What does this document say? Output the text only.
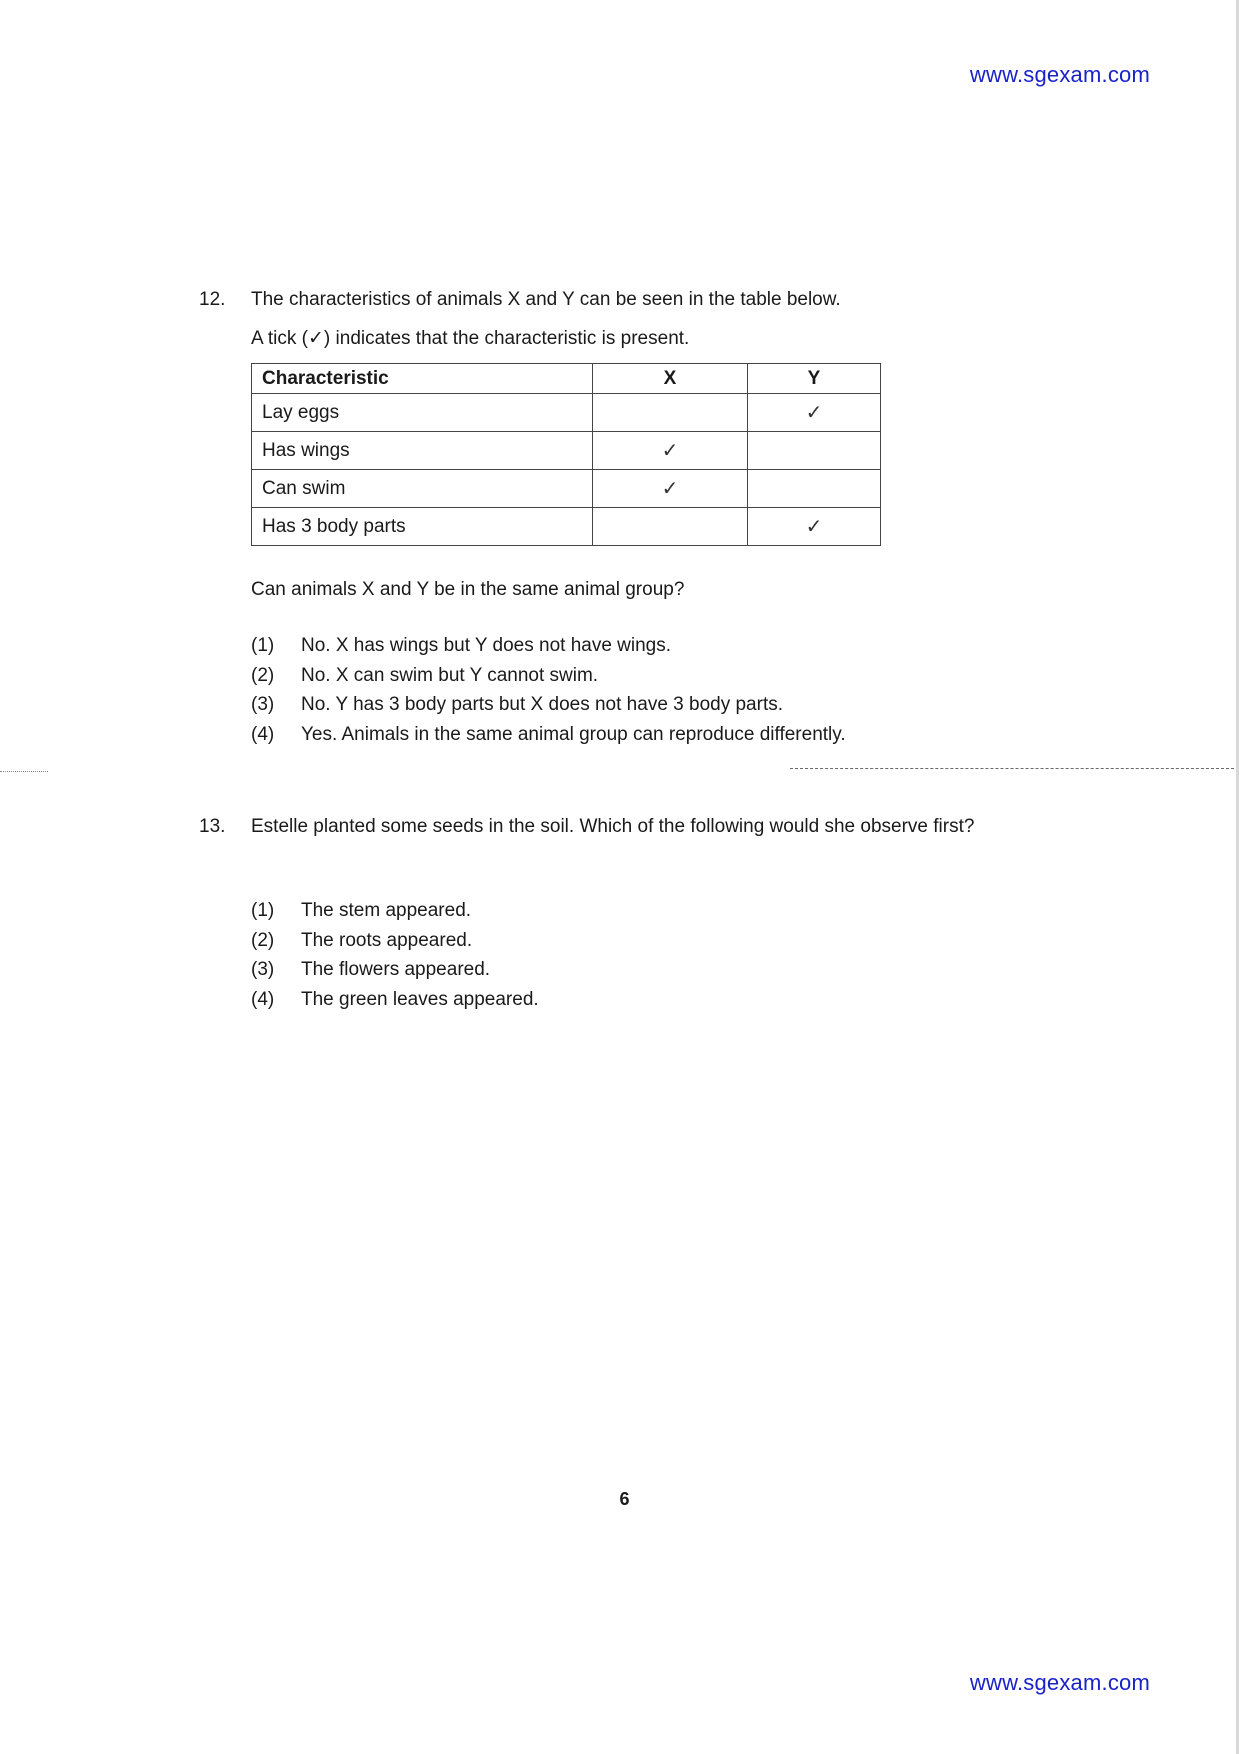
www.sgexam.com
12.	The characteristics of animals X and Y can be seen in the table below.

A tick (✓) indicates that the characteristic is present.

Characteristic	X	Y
Lay eggs		✓
Has wings	✓	
Can swim	✓	
Has 3 body parts		✓

Can animals X and Y be in the same animal group?

(1)	No. X has wings but Y does not have wings.
(2)	No. X can swim but Y cannot swim.
(3)	No. Y has 3 body parts but X does not have 3 body parts.
(4)	Yes. Animals in the same animal group can reproduce differently.
13.	Estelle planted some seeds in the soil. Which of the following would she observe first?

(1)	The stem appeared.
(2)	The roots appeared.
(3)	The flowers appeared.
(4)	The green leaves appeared.
6
www.sgexam.com
